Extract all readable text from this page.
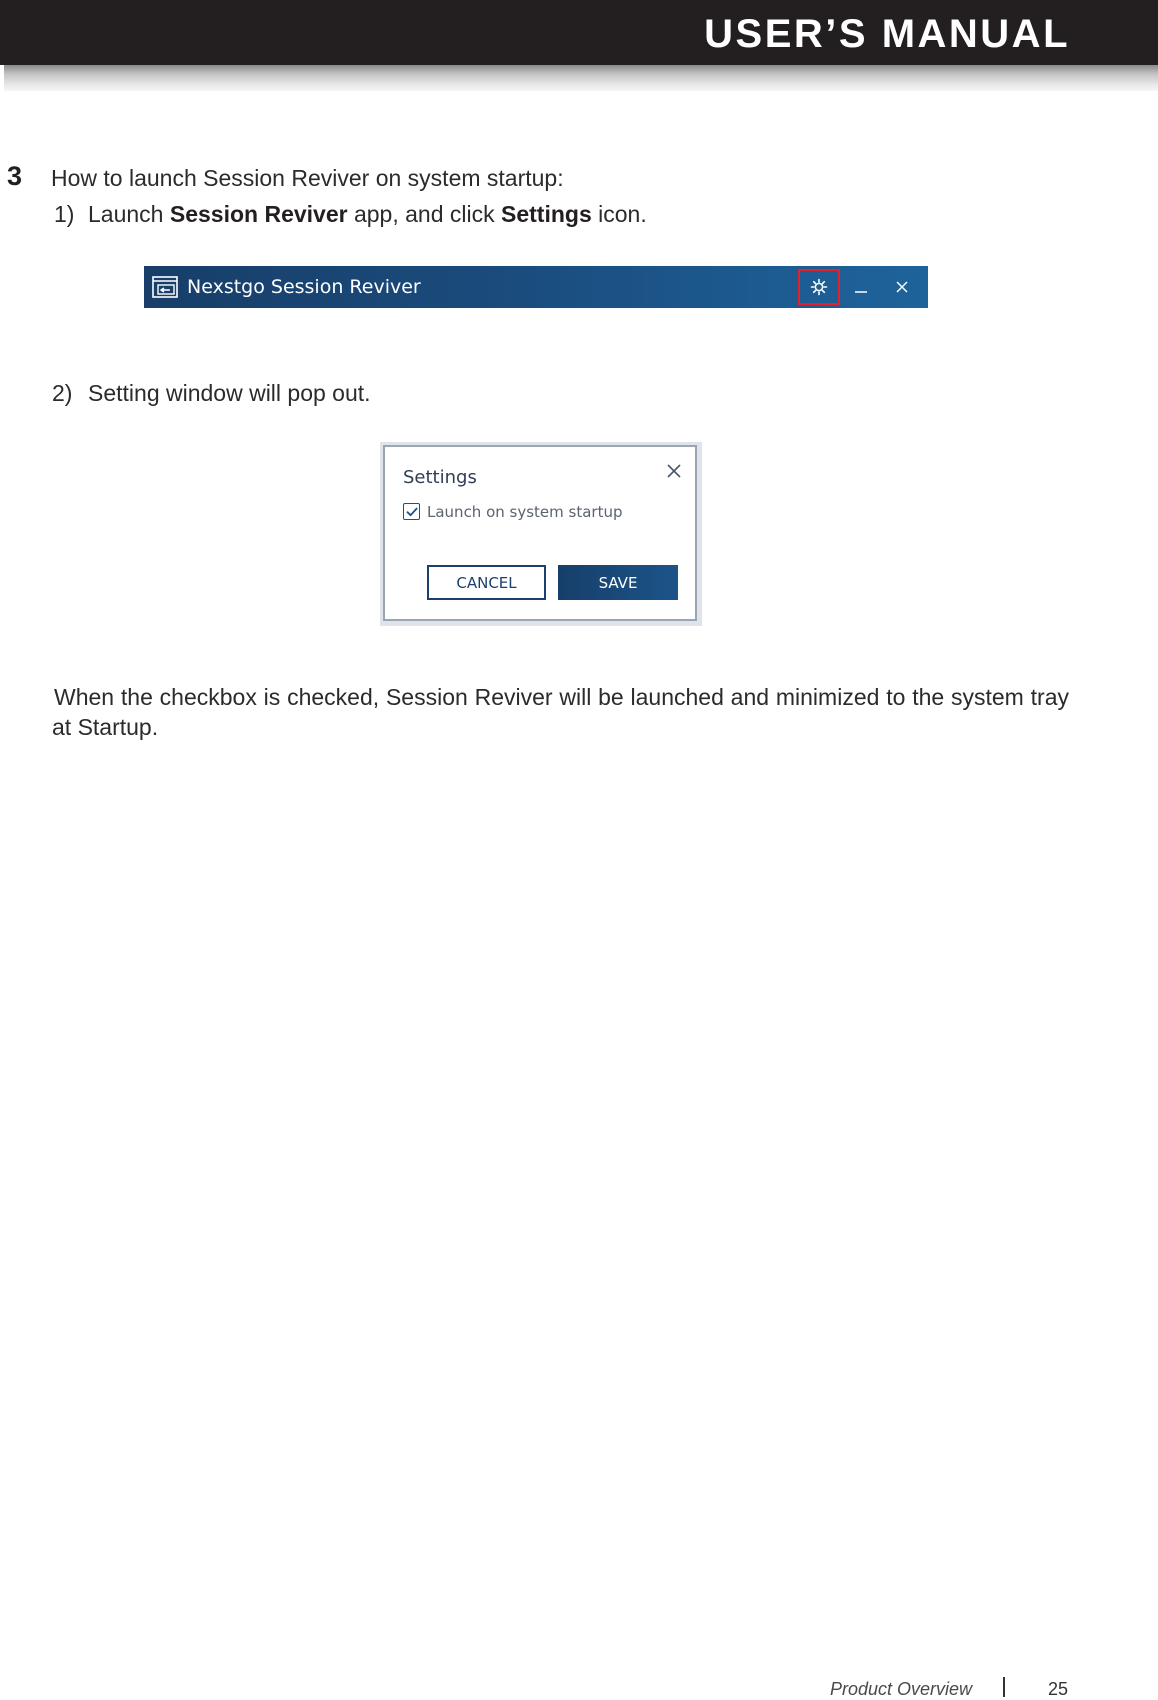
USER’S MANUAL
3 How to launch Session Reviver on system startup:
1) Launch Session Reviver app, and click Settings icon.
Nexstgo Session Reviver
2) Setting window will pop out.
Settings
Launch on system startup
CANCEL	SAVE
When the checkbox is checked, Session Reviver will be launched and minimized to the system tray at Startup.
Product Overview	25
